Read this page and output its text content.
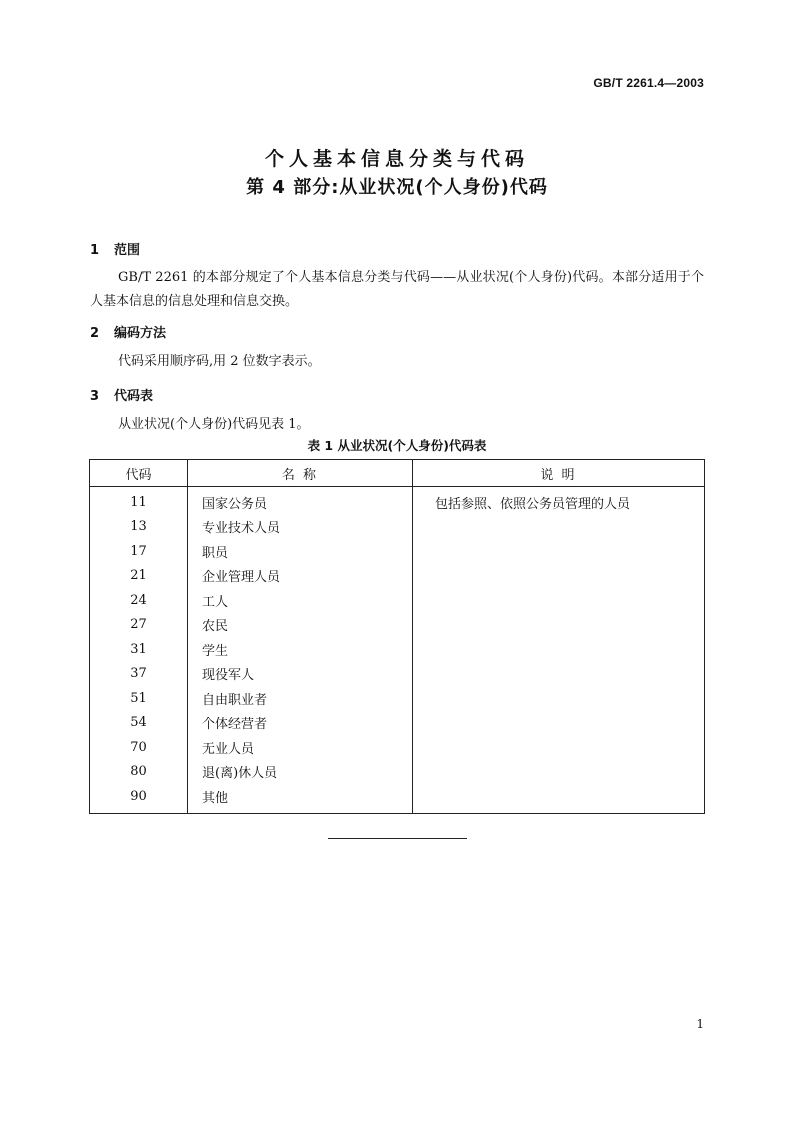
GB/T 2261.4—2003
个人基本信息分类与代码
第 4 部分:从业状况(个人身份)代码
1 范围
GB/T 2261 的本部分规定了个人基本信息分类与代码——从业状况(个人身份)代码。本部分适用于个人基本信息的信息处理和信息交换。
2 编码方法
代码采用顺序码,用 2 位数字表示。
3 代码表
从业状况(个人身份)代码见表 1。
表 1 从业状况(个人身份)代码表
代码	名 称	说 明
11	国家公务员	包括参照、依照公务员管理的人员
13	专业技术人员	
17	职员	
21	企业管理人员	
24	工人	
27	农民	
31	学生	
37	现役军人	
51	自由职业者	
54	个体经营者	
70	无业人员	
80	退(离)休人员	
90	其他	
1
